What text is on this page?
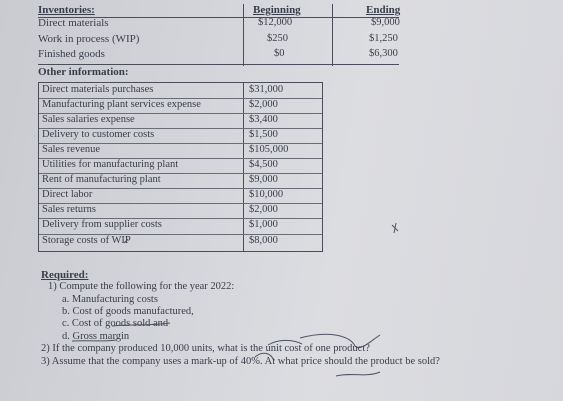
Inventories:	Beginning	Ending
Direct materials	$12,000	$9,000
Work in process (WIP)	$250	$1,250
Finished goods	$0	$6,300
Other information:
Direct materials purchases	$31,000
Manufacturing plant services expense	$2,000
Sales salaries expense	$3,400
Delivery to customer costs	$1,500
Sales revenue	$105,000
Utilities for manufacturing plant	$4,500
Rent of manufacturing plant	$9,000
Direct labor	$10,000
Sales returns	$2,000
Delivery from supplier costs	$1,000
Storage costs of WIP	$8,000
Required:
1) Compute the following for the year 2022:
a. Manufacturing costs
b. Cost of goods manufactured,
c. Cost of goods sold and
d. Gross margin
2) If the company produced 10,000 units, what is the unit cost of one product?
3) Assume that the company uses a mark-up of 40%. At what price should the product be sold?
